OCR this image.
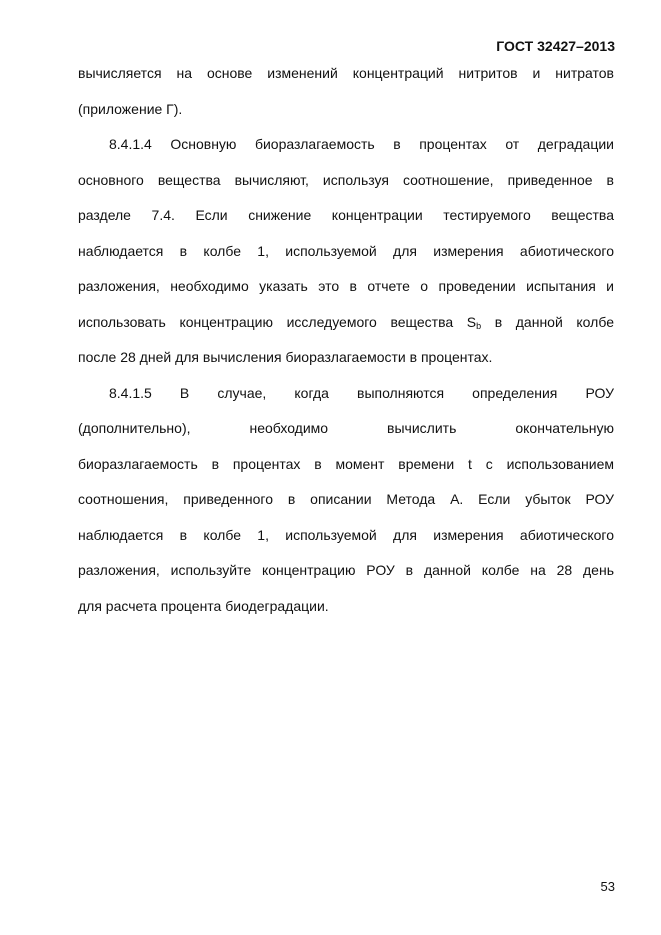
ГОСТ 32427–2013

вычисляется на основе изменений концентраций нитритов и нитратов
(приложение Г).

8.4.1.4 Основную биоразлагаемость в процентах от деградации
основного вещества вычисляют, используя соотношение, приведенное в
разделе 7.4. Если снижение концентрации тестируемого вещества
наблюдается в колбе 1, используемой для измерения абиотического
разложения, необходимо указать это в отчете о проведении испытания и
использовать концентрацию исследуемого вещества $S_b$ в данной колбе
после 28 дней для вычисления биоразлагаемости в процентах.

8.4.1.5 В случае, когда выполняются определения РОУ
(дополнительно), необходимо вычислить окончательную
биоразлагаемость в процентах в момент времени t с использованием
соотношения, приведенного в описании Метода А. Если убыток РОУ
наблюдается в колбе 1, используемой для измерения абиотического
разложения, используйте концентрацию РОУ в данной колбе на 28 день
для расчета процента биодеградации.

53
